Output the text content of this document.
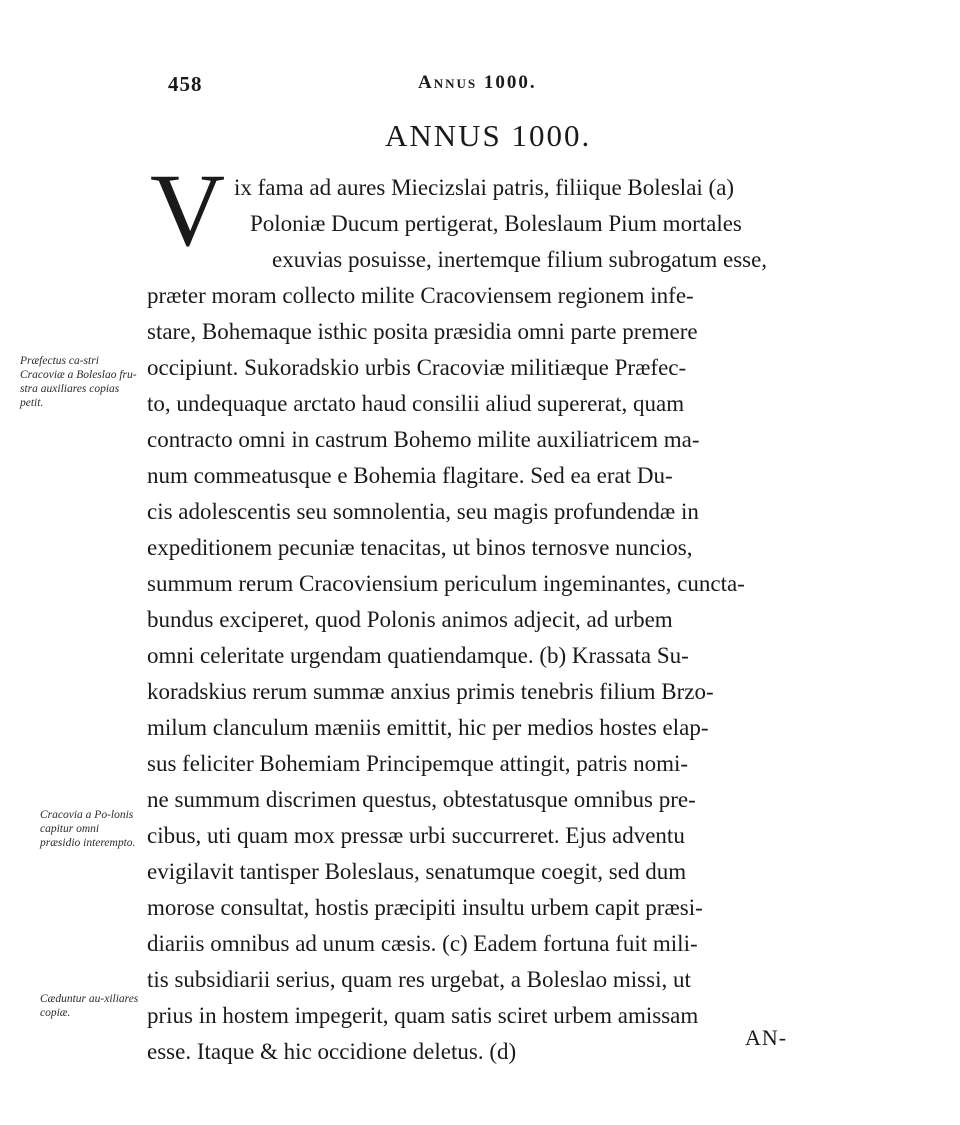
458	Annus 1000.
ANNUS 1000.
V ix fama ad aures Miecizslai patris, filiique Boleslai (a)
Poloniæ Ducum pertigerat, Boleslaum Pium mortales
exuvias posuisse, inertemque filium subrogatum esse,
præter moram collecto milite Cracoviensem regionem infe-
stare, Bohemaque isthic posita præsidia omni parte premere
occipiunt. Sukoradskio urbis Cracoviæ militiæque Præfec-
to, undequaque arctato haud consilii aliud supererat, quam
contracto omni in castrum Bohemo milite auxiliatricem ma-
num commeatusque e Bohemia flagitare. Sed ea erat Du-
cis adolescentis seu somnolentia, seu magis profundendæ in
expeditionem pecuniæ tenacitas, ut binos ternosve nuncios,
summum rerum Cracoviensium periculum ingeminantes, cuncta-
bundus exciperet, quod Polonis animos adjecit, ad urbem
omni celeritate urgendam quatiendamque. (b) Krassata Su-
koradskius rerum summæ anxius primis tenebris filium Brzo-
milum clanculum mæniis emittit, hic per medios hostes elap-
sus feliciter Bohemiam Principemque attingit, patris nomi-
ne summum discrimen questus, obtestatusque omnibus pre-
cibus, uti quam mox pressæ urbi succurreret. Ejus adventu
evigilavit tantisper Boleslaus, senatumque coegit, sed dum
morose consultat, hostis præcipiti insultu urbem capit præsi-
diariis omnibus ad unum cæsis. (c) Eadem fortuna fuit mili-
tis subsidiarii serius, quam res urgebat, a Boleslao missi, ut
prius in hostem impegerit, quam satis sciret urbem amissam
esse. Itaque & hic occidione deletus. (d)
Præfectus ca-stri Cracoviæ a Boleslao fru-stra auxiliares copias petit.
Cracovia a Po-lonis capitur omni præsidio interempto.
Cæduntur au-xiliares copiæ.
AN-
